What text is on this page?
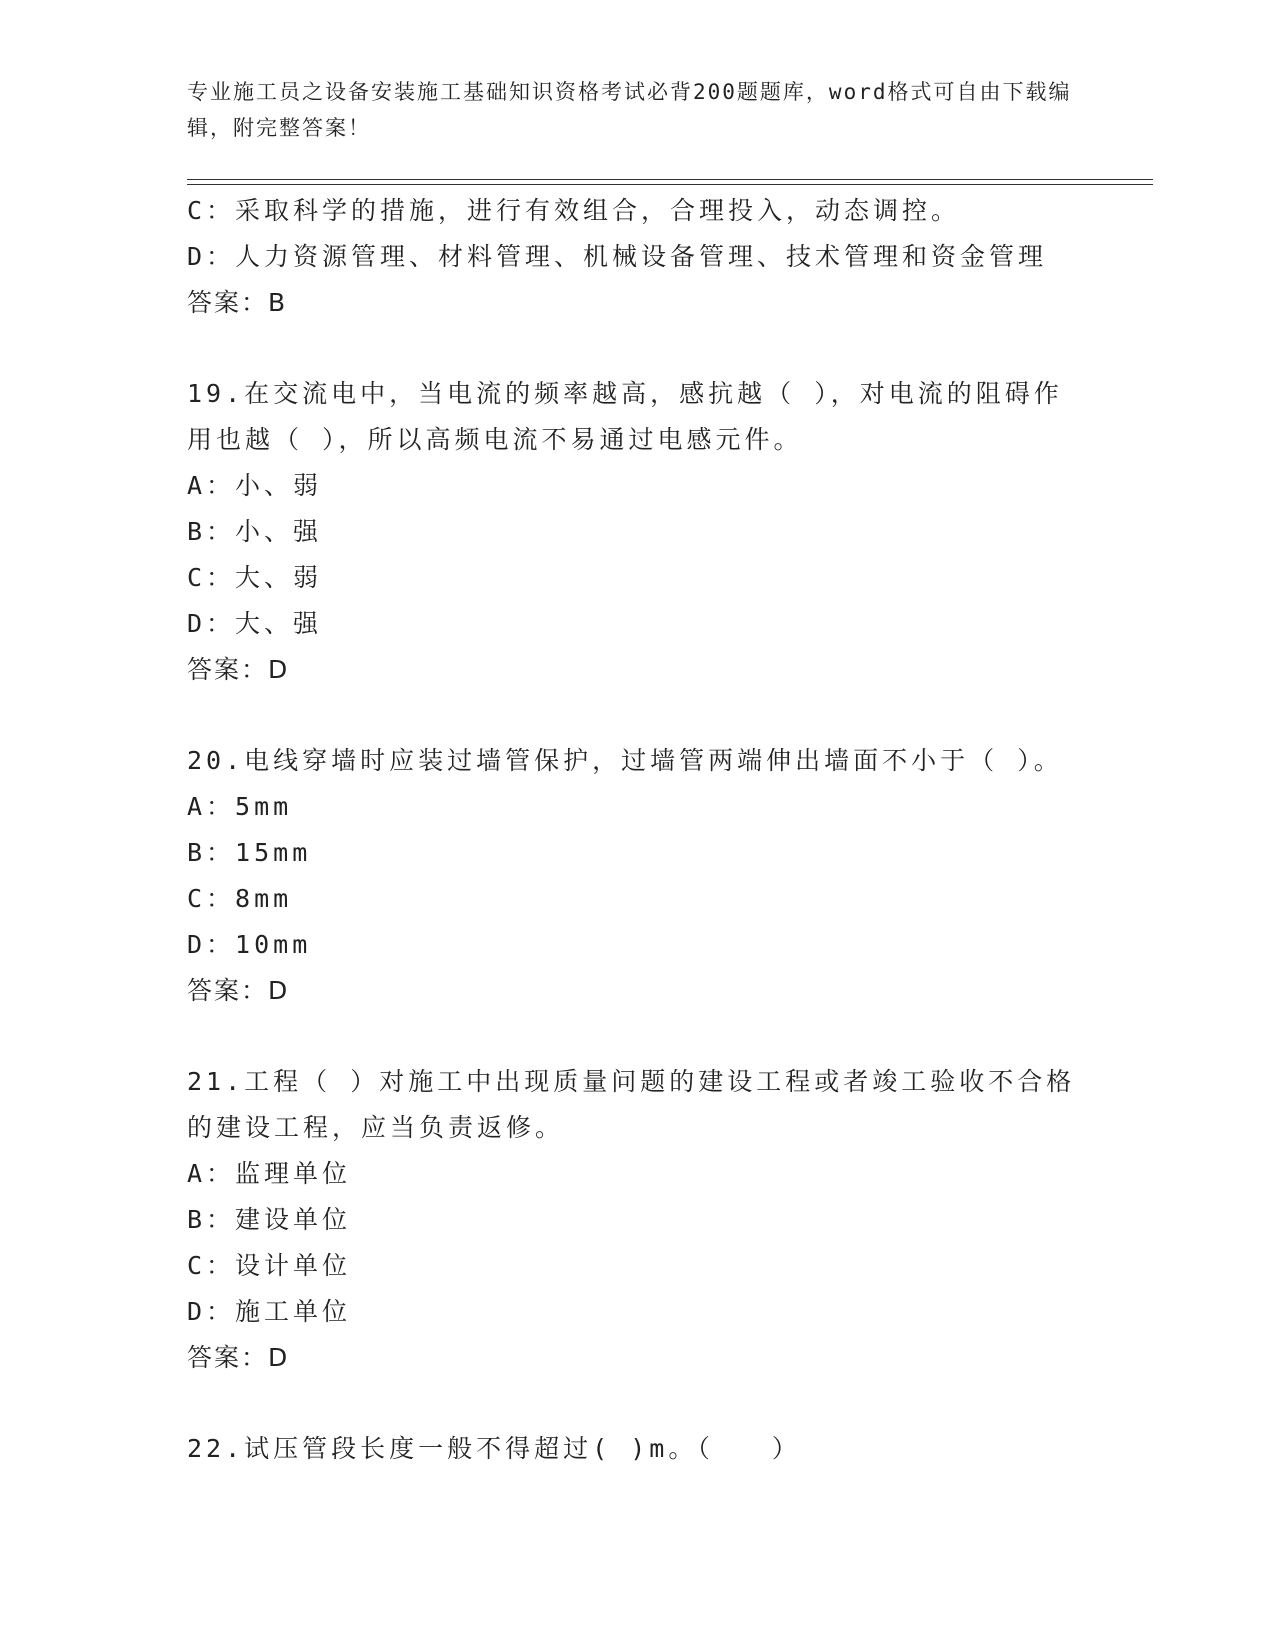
专业施工员之设备安装施工基础知识资格考试必背200题题库，word格式可自由下载编辑，附完整答案！
C：采取科学的措施，进行有效组合，合理投入，动态调控。
D：人力资源管理、材料管理、机械设备管理、技术管理和资金管理
答案：B
19.在交流电中，当电流的频率越高，感抗越（ ），对电流的阻碍作用也越（ ），所以高频电流不易通过电感元件。
A：小、弱
B：小、强
C：大、弱
D：大、强
答案：D
20.电线穿墙时应装过墙管保护，过墙管两端伸出墙面不小于（ ）。
A：5mm
B：15mm
C：8mm
D：10mm
答案：D
21.工程（ ）对施工中出现质量问题的建设工程或者竣工验收不合格的建设工程，应当负责返修。
A：监理单位
B：建设单位
C：设计单位
D：施工单位
答案：D
22.试压管段长度一般不得超过( )m。（　　）
